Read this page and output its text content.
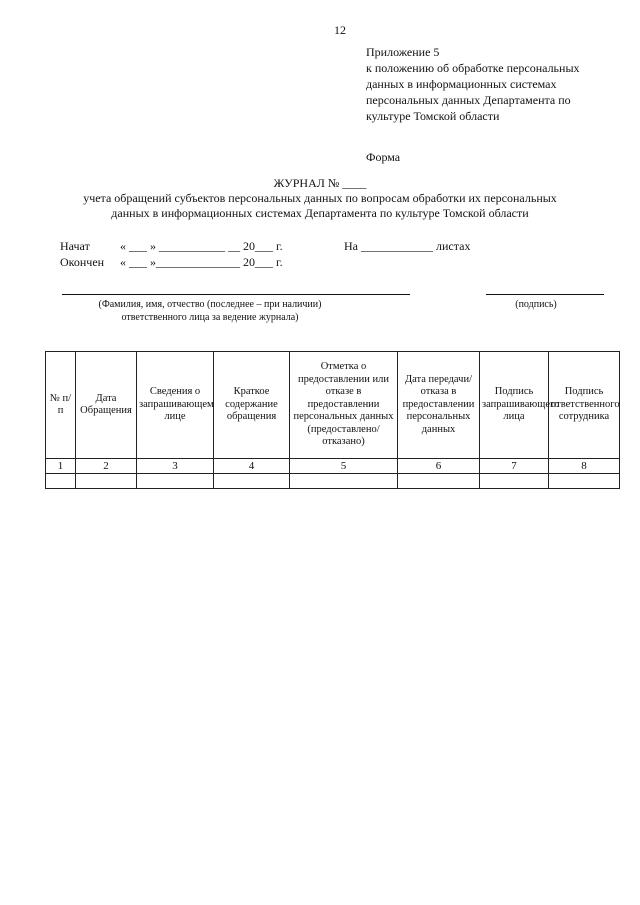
12
Приложение 5
к положению об обработке персональных
данных в информационных системах
персональных данных Департамента по
культуре Томской области
Форма
ЖУРНАЛ № ____
учета обращений субъектов персональных данных по вопросам обработки их персональных
данных в информационных системах Департамента по культуре Томской области
Начат	« ___ » ___________ __ 20___ г.	На ____________ листах
Окончен « ___ »______________ 20___ г.
(Фамилия, имя, отчество (последнее – при наличии)
ответственного лица за ведение журнала)
(подпись)
№ п/п	Дата Обращения	Сведения о запрашивающем лице	Краткое содержание обращения	Отметка о предоставлении или отказе в предоставлении персональных данных (предоставлено/отказано)	Дата передачи/отказа в предоставлении персональных данных	Подпись запрашивающего лица	Подпись ответственного сотрудника
1	2	3	4	5	6	7	8
